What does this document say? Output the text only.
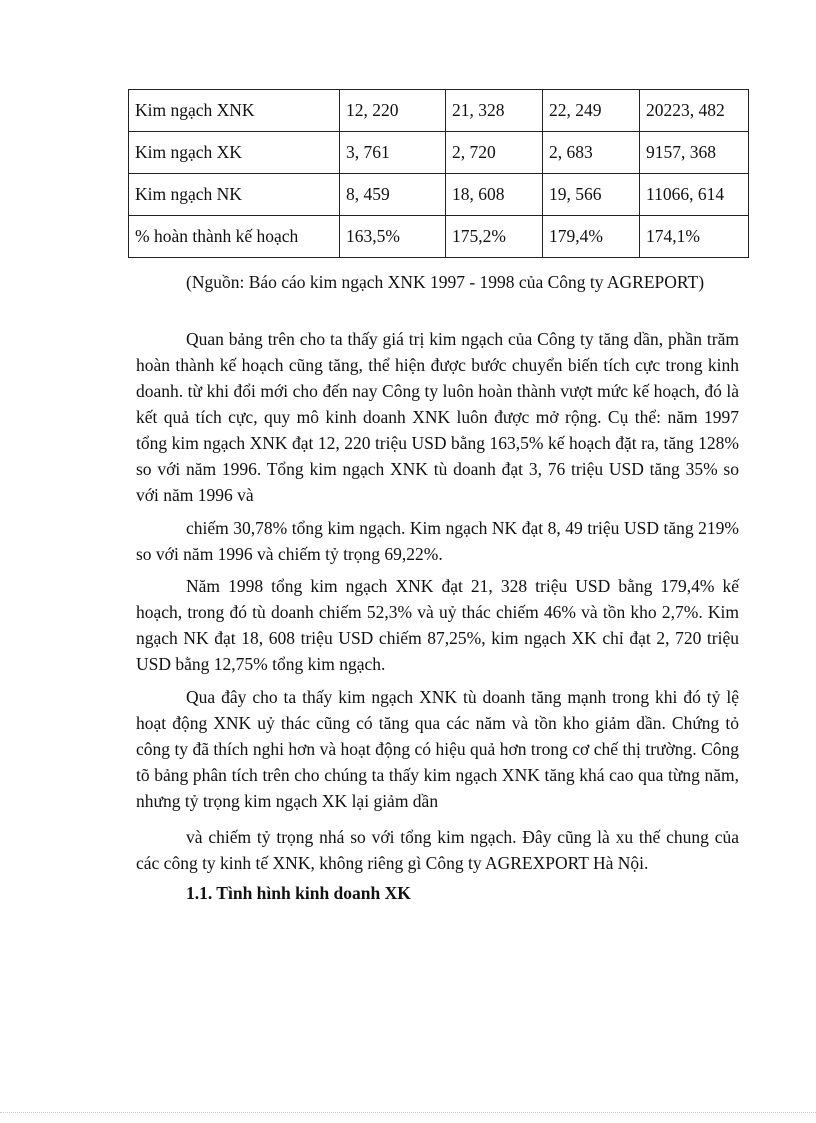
Kim ngạch XNK	12, 220	21, 328	22, 249	20223, 482
Kim ngạch XK	3, 761	2, 720	2, 683	9157, 368
Kim ngạch NK	8, 459	18, 608	19, 566	11066, 614
% hoàn thành kế hoạch	163,5%	175,2%	179,4%	174,1%

(Nguồn: Báo cáo kim ngạch XNK 1997 - 1998 của Công ty AGREPORT)

Quan bảng trên cho ta thấy giá trị kim ngạch của Công ty tăng dần, phần trăm hoàn thành kế hoạch cũng tăng, thể hiện được bước chuyển biến tích cực trong kinh doanh. từ khi đổi mới cho đến nay Công ty luôn hoàn thành vượt mức kế hoạch, đó là kết quả tích cực, quy mô kinh doanh XNK luôn được mở rộng. Cụ thể: năm 1997 tổng kim ngạch XNK đạt 12, 220 triệu USD bằng 163,5% kế hoạch đặt ra, tăng 128% so với năm 1996. Tổng kim ngạch XNK tù doanh đạt 3, 76 triệu USD tăng 35% so với năm 1996 và

chiếm 30,78% tổng kim ngạch. Kim ngạch NK đạt 8, 49 triệu USD tăng 219% so với năm 1996 và chiếm tỷ trọng 69,22%.

Năm 1998 tổng kim ngạch XNK đạt 21, 328 triệu USD bằng 179,4% kế hoạch, trong đó tù doanh chiếm 52,3% và uỷ thác chiếm 46% và tồn kho 2,7%. Kim ngạch NK đạt 18, 608 triệu USD chiếm 87,25%, kim ngạch XK chỉ đạt 2, 720 triệu USD bằng 12,75% tổng kim ngạch.

Qua đây cho ta thấy kim ngạch XNK tù doanh tăng mạnh trong khi đó tỷ lệ hoạt động XNK uỷ thác cũng có tăng qua các năm và tồn kho giảm dần. Chứng tỏ công ty đã thích nghi hơn và hoạt động có hiệu quả hơn trong cơ chế thị trường. Công tõ bảng phân tích trên cho chúng ta thấy kim ngạch XNK tăng khá cao qua từng năm, nhưng tỷ trọng kim ngạch XK lại giảm dần

và chiếm tỷ trọng nhá so với tổng kim ngạch. Đây cũng là xu thế chung của các công ty kinh tế XNK, không riêng gì Công ty AGREXPORT Hà Nội.

1.1. Tình hình kinh doanh XK
